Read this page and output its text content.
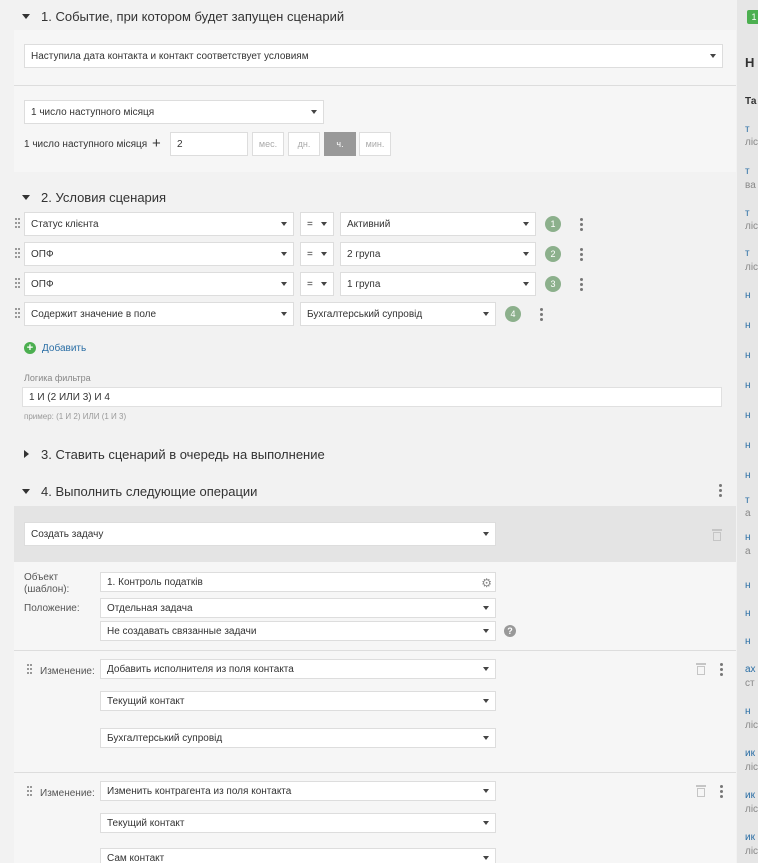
1. Событие, при котором будет запущен сценарий
Наступила дата контакта и контакт соответствует условиям
1 число наступного місяця
1 число наступного місяця +	2	мес.	дн.	ч.	мин.
2. Условия сценария
Статус клієнта	=	Активний	1
ОПФ	=	2 група	2
ОПФ	=	1 група	3
Содержит значение в поле	Бухгалтерський супровід	4
+ Добавить
Логика фильтра
1 И (2 ИЛИ 3) И 4
пример: (1 И 2) ИЛИ (1 И 3)
3. Ставить сценарий в очередь на выполнение
4. Выполнить следующие операции
Создать задачу
Объект (шаблон):
1. Контроль податків	⚙
Положение:	Отдельная задача
Не создавать связанные задачи	?
Изменение: Добавить исполнителя из поля контакта
Текущий контакт
Бухгалтерський супровід
Изменение: Изменить контрагента из поля контакта
Текущий контакт
Сам контакт
1
Н
Та
т
ліс
т
ва
т
ліс
т
ліс
н
н
н
н
н
н
н
т
а
н
а
н
н
н
ах
ст
н
ліс
ик
ліс
ик
ліс
ик
ліс
